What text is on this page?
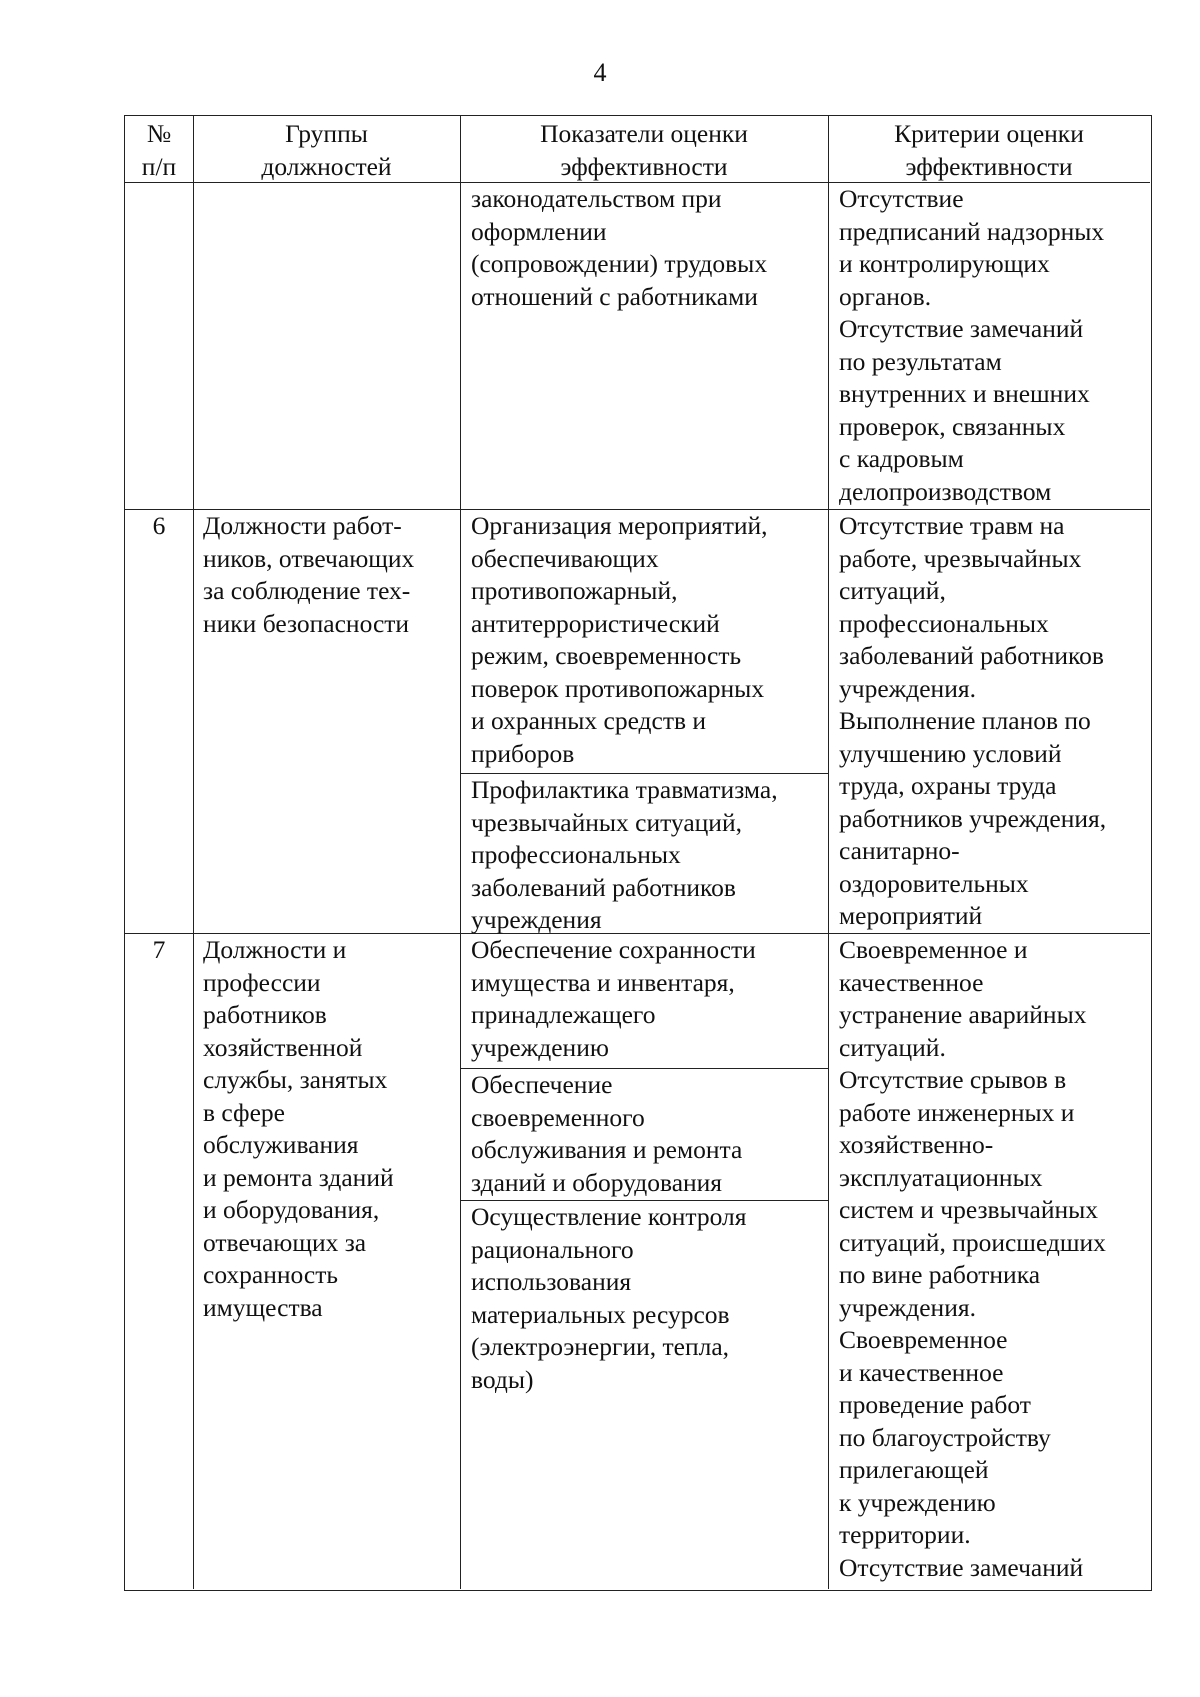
4
№
п/п
Группы
должностей
Показатели оценки
эффективности
Критерии оценки
эффективности
законодательством при
оформлении
(сопровождении) трудовых
отношений с работниками
Отсутствие
предписаний надзорных
и контролирующих
органов.
Отсутствие замечаний
по результатам
внутренних и внешних
проверок, связанных
с кадровым
делопроизводством
6	Должности работ-
ников, отвечающих
за соблюдение тех-
ники безопасности
Организация мероприятий,
обеспечивающих
противопожарный,
антитеррористический
режим, своевременность
поверок противопожарных
и охранных средств и
приборов
Профилактика травматизма,
чрезвычайных ситуаций,
профессиональных
заболеваний работников
учреждения
Отсутствие травм на
работе, чрезвычайных
ситуаций,
профессиональных
заболеваний работников
учреждения.
Выполнение планов по
улучшению условий
труда, охраны труда
работников учреждения,
санитарно-
оздоровительных
мероприятий
7	Должности и
профессии
работников
хозяйственной
службы, занятых
в сфере
обслуживания
и ремонта зданий
и оборудования,
отвечающих за
сохранность
имущества
Обеспечение сохранности
имущества и инвентаря,
принадлежащего
учреждению
Обеспечение
своевременного
обслуживания и ремонта
зданий и оборудования
Осуществление контроля
рационального
использования
материальных ресурсов
(электроэнергии, тепла,
воды)
Своевременное и
качественное
устранение аварийных
ситуаций.
Отсутствие срывов в
работе инженерных и
хозяйственно-
эксплуатационных
систем и чрезвычайных
ситуаций, происшедших
по вине работника
учреждения.
Своевременное
и качественное
проведение работ
по благоустройству
прилегающей
к учреждению
территории.
Отсутствие замечаний
